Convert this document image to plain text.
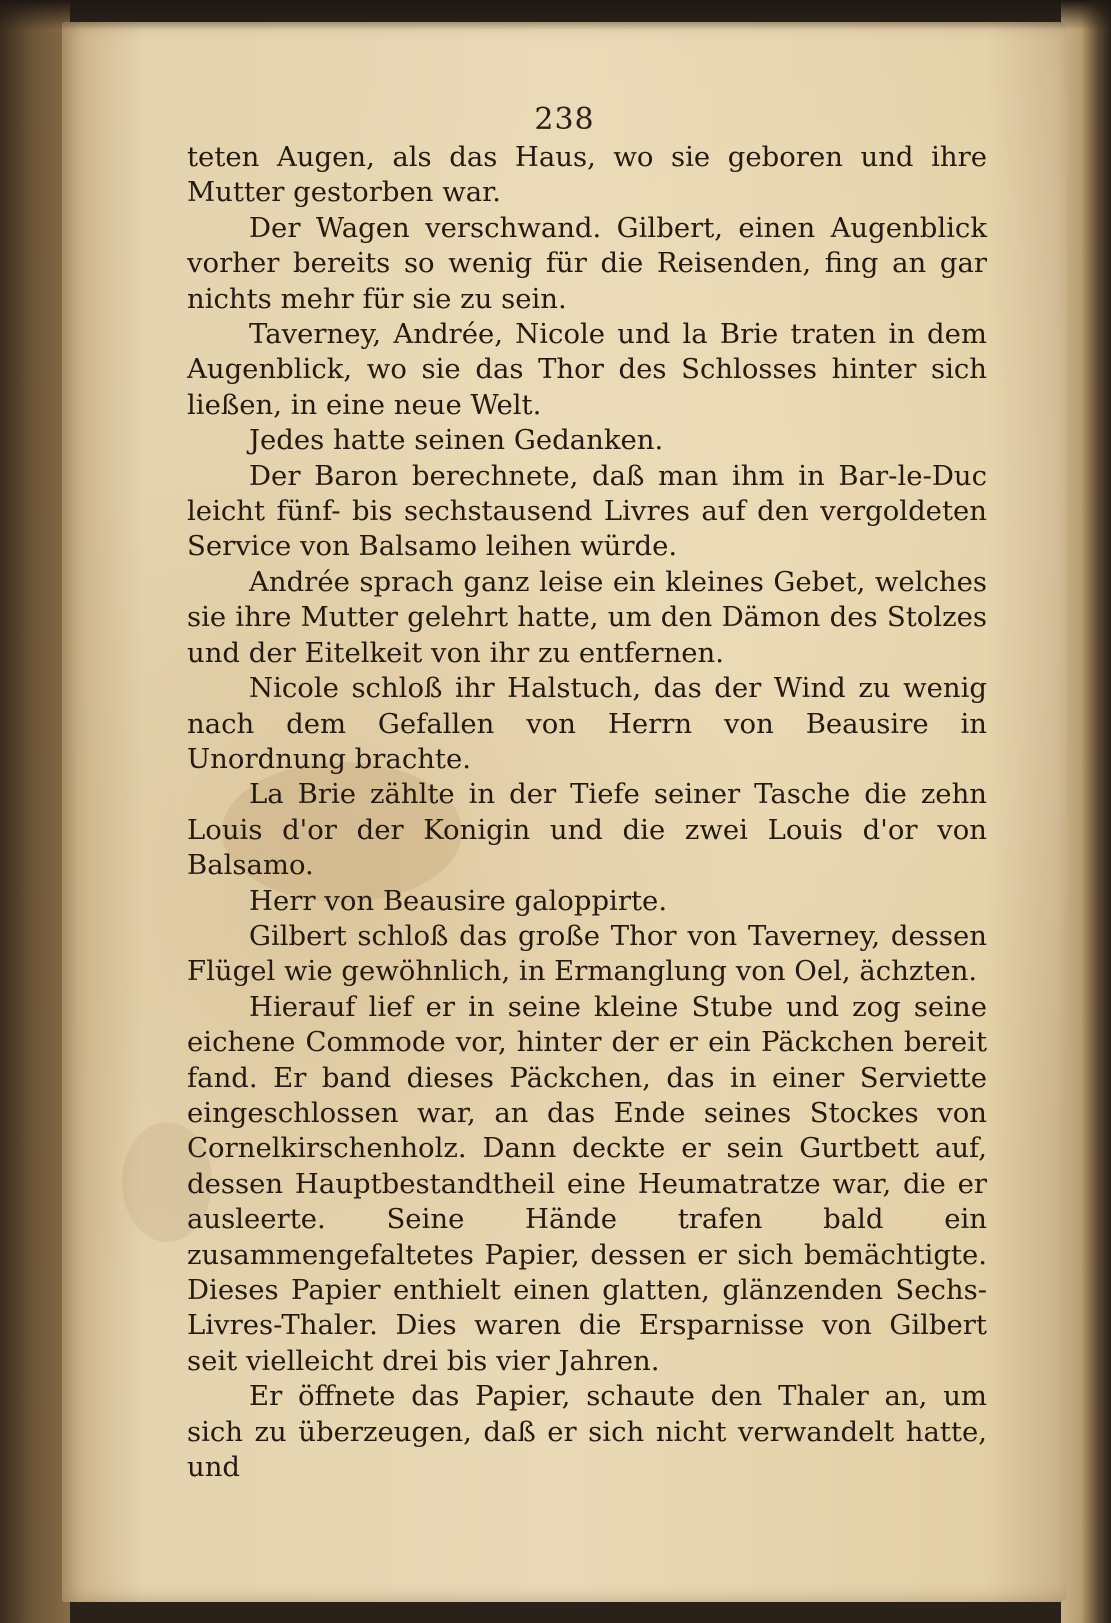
238

teten Augen, als das Haus, wo sie geboren und ihre Mutter gestorben war.

Der Wagen verschwand. Gilbert, einen Augenblick vorher bereits so wenig für die Reisenden, fing an gar nichts mehr für sie zu sein.

Taverney, Andrée, Nicole und la Brie traten in dem Augenblick, wo sie das Thor des Schlosses hinter sich ließen, in eine neue Welt.

Jedes hatte seinen Gedanken.

Der Baron berechnete, daß man ihm in Bar-le-Duc leicht fünf- bis sechstausend Livres auf den vergoldeten Service von Balsamo leihen würde.

Andrée sprach ganz leise ein kleines Gebet, welches sie ihre Mutter gelehrt hatte, um den Dämon des Stolzes und der Eitelkeit von ihr zu entfernen.

Nicole schloß ihr Halstuch, das der Wind zu wenig nach dem Gefallen von Herrn von Beausire in Unordnung brachte.

La Brie zählte in der Tiefe seiner Tasche die zehn Louis d'or der Konigin und die zwei Louis d'or von Balsamo.

Herr von Beausire galoppirte.

Gilbert schloß das große Thor von Taverney, dessen Flügel wie gewöhnlich, in Ermanglung von Oel, ächzten.

Hierauf lief er in seine kleine Stube und zog seine eichene Commode vor, hinter der er ein Päckchen bereit fand. Er band dieses Päckchen, das in einer Serviette eingeschlossen war, an das Ende seines Stockes von Cornelkirschenholz. Dann deckte er sein Gurtbett auf, dessen Hauptbestandtheil eine Heumatratze war, die er ausleerte. Seine Hände trafen bald ein zusammengefaltetes Papier, dessen er sich bemächtigte. Dieses Papier enthielt einen glatten, glänzenden Sechs-Livres-Thaler. Dies waren die Ersparnisse von Gilbert seit vielleicht drei bis vier Jahren.

Er öffnete das Papier, schaute den Thaler an, um sich zu überzeugen, daß er sich nicht verwandelt hatte, und
